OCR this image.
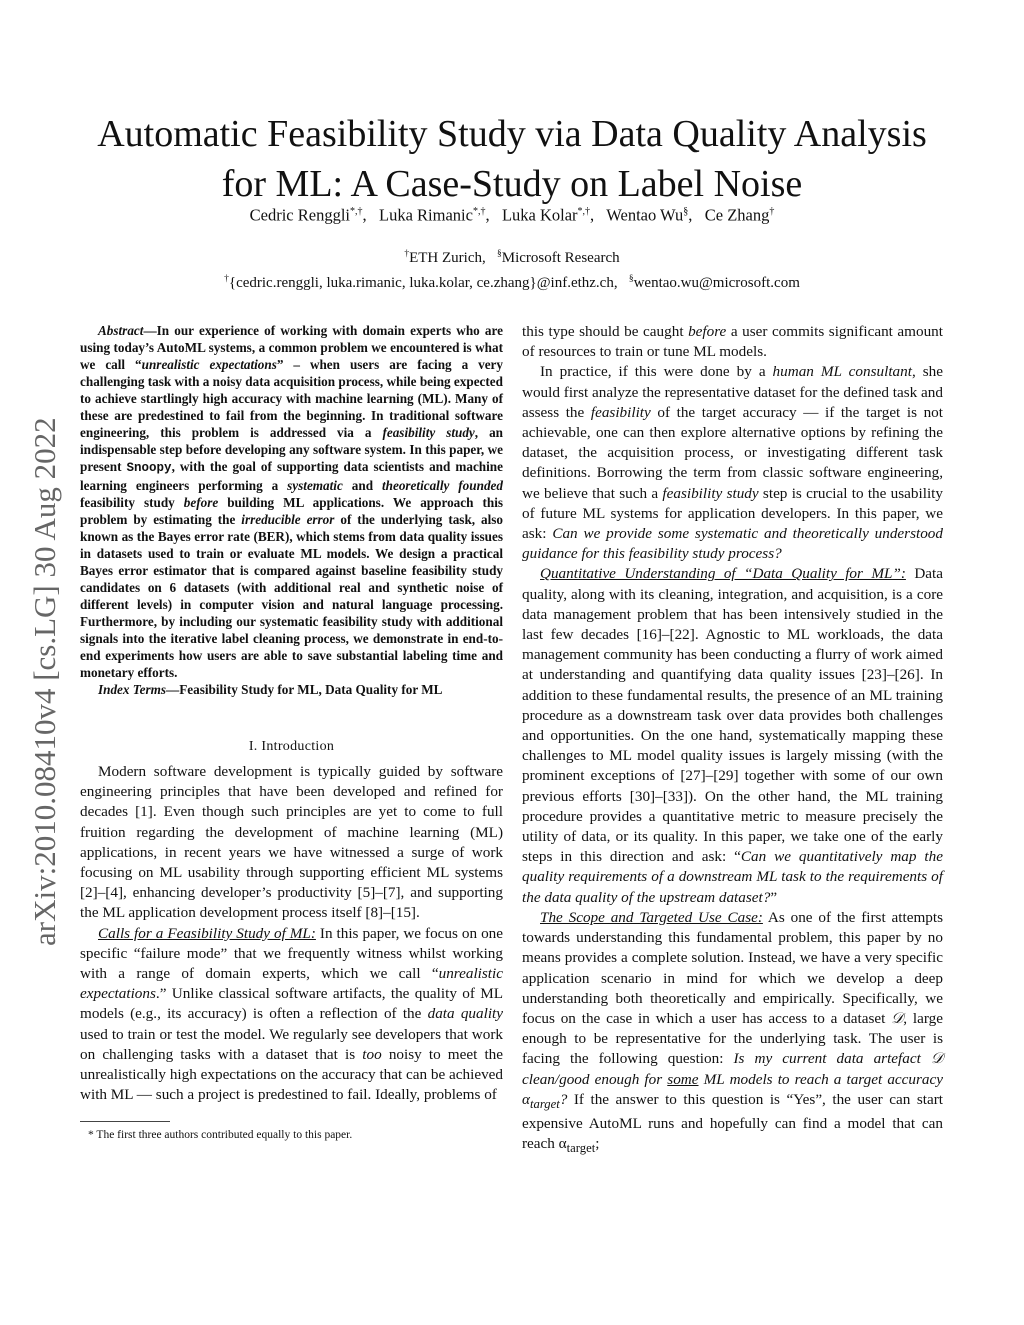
Automatic Feasibility Study via Data Quality Analysis for ML: A Case-Study on Label Noise
Cedric Renggli*,†,   Luka Rimanic*,†,   Luka Kolar*,†,   Wentao Wu§,   Ce Zhang†
†ETH Zurich, §Microsoft Research
†{cedric.renggli, luka.rimanic, luka.kolar, ce.zhang}@inf.ethz.ch, §wentao.wu@microsoft.com
arXiv:2010.08410v4 [cs.LG] 30 Aug 2022

Abstract—In our experience of working with domain experts who are using today’s AutoML systems, a common problem we encountered is what we call “unrealistic expectations” – when users are facing a very challenging task with a noisy data acquisition process, while being expected to achieve startlingly high accuracy with machine learning (ML). Many of these are predestined to fail from the beginning. In traditional software engineering, this problem is addressed via a feasibility study, an indispensable step before developing any software system. In this paper, we present Snoopy, with the goal of supporting data scientists and machine learning engineers performing a systematic and theoretically founded feasibility study before building ML applications. We approach this problem by estimating the irreducible error of the underlying task, also known as the Bayes error rate (BER), which stems from data quality issues in datasets used to train or evaluate ML models. We design a practical Bayes error estimator that is compared against baseline feasibility study candidates on 6 datasets (with additional real and synthetic noise of different levels) in computer vision and natural language processing. Furthermore, by including our systematic feasibility study with additional signals into the iterative label cleaning process, we demonstrate in end-to-end experiments how users are able to save substantial labeling time and monetary efforts.

Index Terms—Feasibility Study for ML, Data Quality for ML

I. Introduction

Modern software development is typically guided by software engineering principles that have been developed and refined for decades [1]. Even though such principles are yet to come to full fruition regarding the development of machine learning (ML) applications, in recent years we have witnessed a surge of work focusing on ML usability through supporting efficient ML systems [2]–[4], enhancing developer’s productivity [5]–[7], and supporting the ML application development process itself [8]–[15].

Calls for a Feasibility Study of ML: In this paper, we focus on one specific “failure mode” that we frequently witness whilst working with a range of domain experts, which we call “unrealistic expectations.” Unlike classical software artifacts, the quality of ML models (e.g., its accuracy) is often a reflection of the data quality used to train or test the model. We regularly see developers that work on challenging tasks with a dataset that is too noisy to meet the unrealistically high expectations on the accuracy that can be achieved with ML — such a project is predestined to fail. Ideally, problems of

* The first three authors contributed equally to this paper.

this type should be caught before a user commits significant amount of resources to train or tune ML models.

In practice, if this were done by a human ML consultant, she would first analyze the representative dataset for the defined task and assess the feasibility of the target accuracy — if the target is not achievable, one can then explore alternative options by refining the dataset, the acquisition process, or investigating different task definitions. Borrowing the term from classic software engineering, we believe that such a feasibility study step is crucial to the usability of future ML systems for application developers. In this paper, we ask: Can we provide some systematic and theoretically understood guidance for this feasibility study process?

Quantitative Understanding of “Data Quality for ML”: Data quality, along with its cleaning, integration, and acquisition, is a core data management problem that has been intensively studied in the last few decades [16]–[22]. Agnostic to ML workloads, the data management community has been conducting a flurry of work aimed at understanding and quantifying data quality issues [23]–[26]. In addition to these fundamental results, the presence of an ML training procedure as a downstream task over data provides both challenges and opportunities. On the one hand, systematically mapping these challenges to ML model quality issues is largely missing (with the prominent exceptions of [27]–[29] together with some of our own previous efforts [30]–[33]). On the other hand, the ML training procedure provides a quantitative metric to measure precisely the utility of data, or its quality. In this paper, we take one of the early steps in this direction and ask: “Can we quantitatively map the quality requirements of a downstream ML task to the requirements of the data quality of the upstream dataset?”

The Scope and Targeted Use Case: As one of the first attempts towards understanding this fundamental problem, this paper by no means provides a complete solution. Instead, we have a very specific application scenario in mind for which we develop a deep understanding both theoretically and empirically. Specifically, we focus on the case in which a user has access to a dataset 𝒟, large enough to be representative for the underlying task. The user is facing the following question: Is my current data artefact 𝒟 clean/good enough for some ML models to reach a target accuracy $\alpha_{target}$? If the answer to this question is “Yes”, the user can start expensive AutoML runs and hopefully can find a model that can reach $\alpha_{target}$;
